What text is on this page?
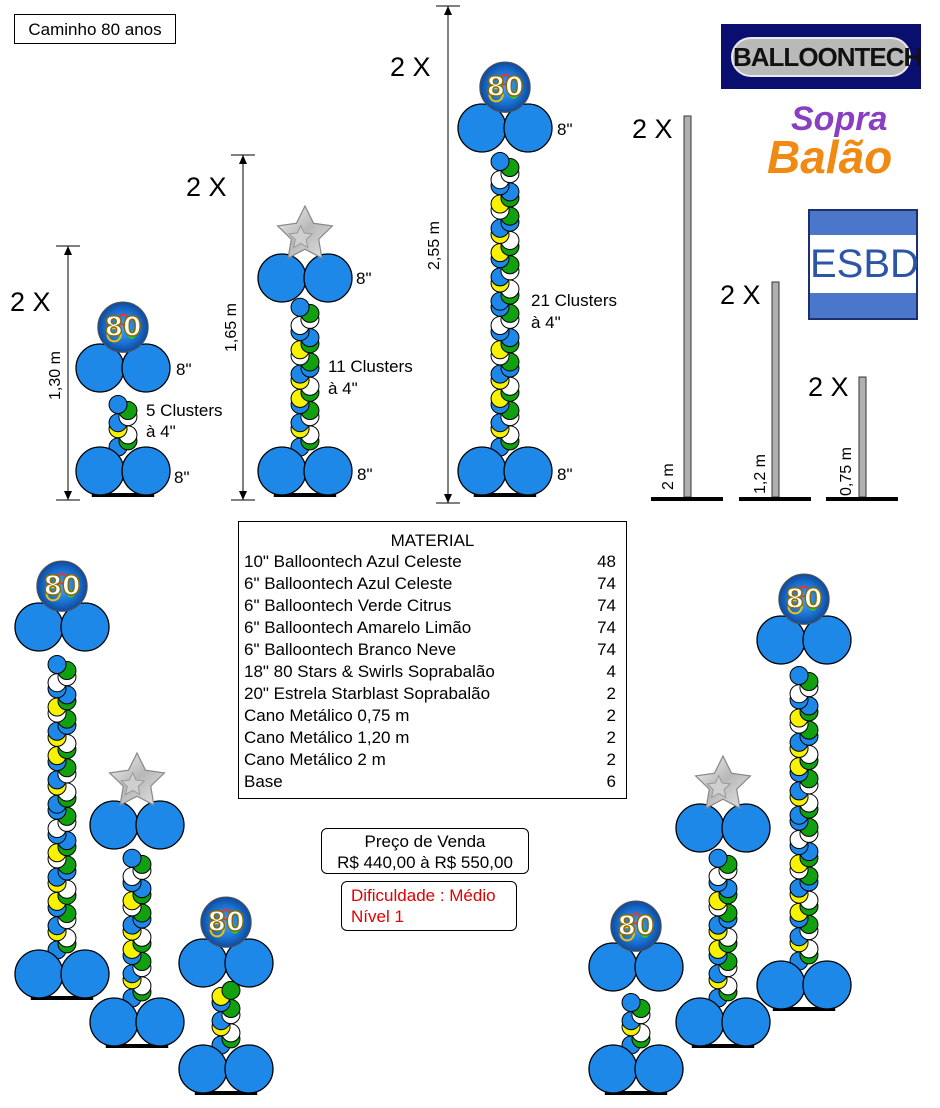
80
80
80
80
80
80
Caminho 80 anos
BALLOONTECH
Sopra
Balão
ESBD
2 X
2 X
2 X
2 X
2 X
2 X
1,30 m
1,65 m
2,55 m
2 m	1,2 m	0,75 m
8"
8"
8"
8"
8"
8"
5 Clusters
à 4"
11 Clusters
à 4"
21 Clusters
à 4"
MATERIAL
10" Balloontech Azul Celeste	48
6" Balloontech Azul Celeste	74
6" Balloontech Verde Citrus	74
6" Balloontech Amarelo Limão	74
6" Balloontech Branco Neve	74
18" 80 Stars & Swirls Soprabalão	4
20" Estrela Starblast Soprabalão	2
Cano Metálico 0,75 m	2
Cano Metálico 1,20 m	2
Cano Metálico 2 m	2
Base	6
Preço de Venda
R$ 440,00 à R$ 550,00
Dificuldade : Médio
Nível 1
